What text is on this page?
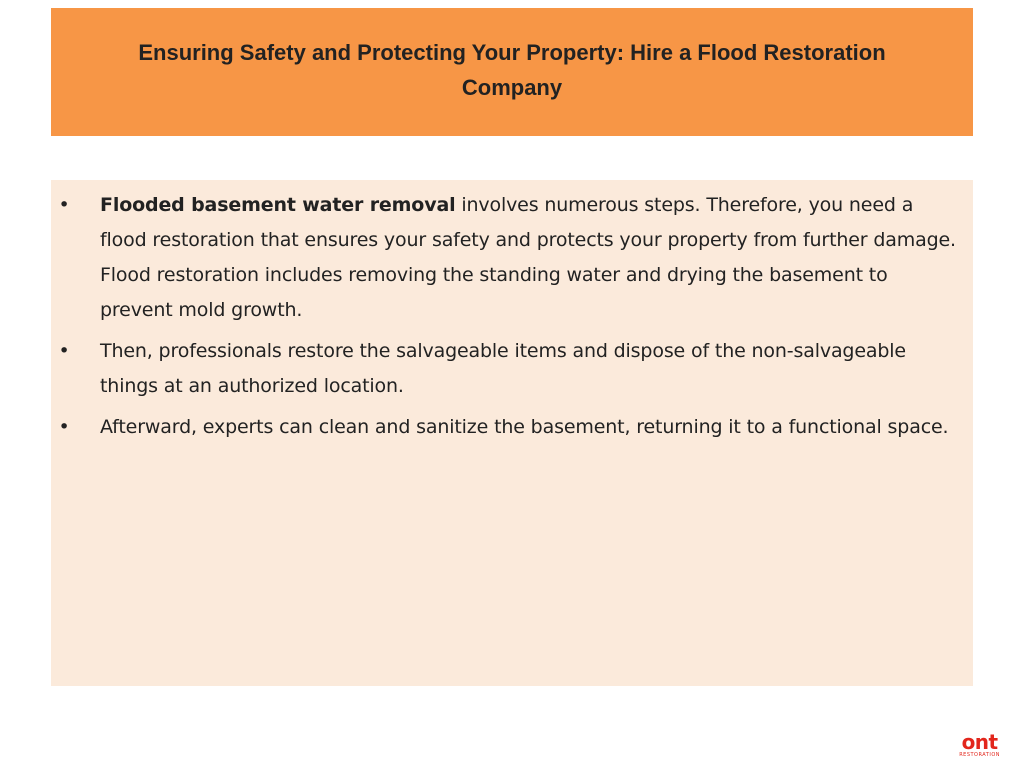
Ensuring Safety and Protecting Your Property: Hire a Flood Restoration Company
• Flooded basement water removal involves numerous steps. Therefore, you need a flood restoration that ensures your safety and protects your property from further damage. Flood restoration includes removing the standing water and drying the basement to prevent mold growth.
• Then, professionals restore the salvageable items and dispose of the non-salvageable things at an authorized location.
• Afterward, experts can clean and sanitize the basement, returning it to a functional space.
ont
RESTORATION
